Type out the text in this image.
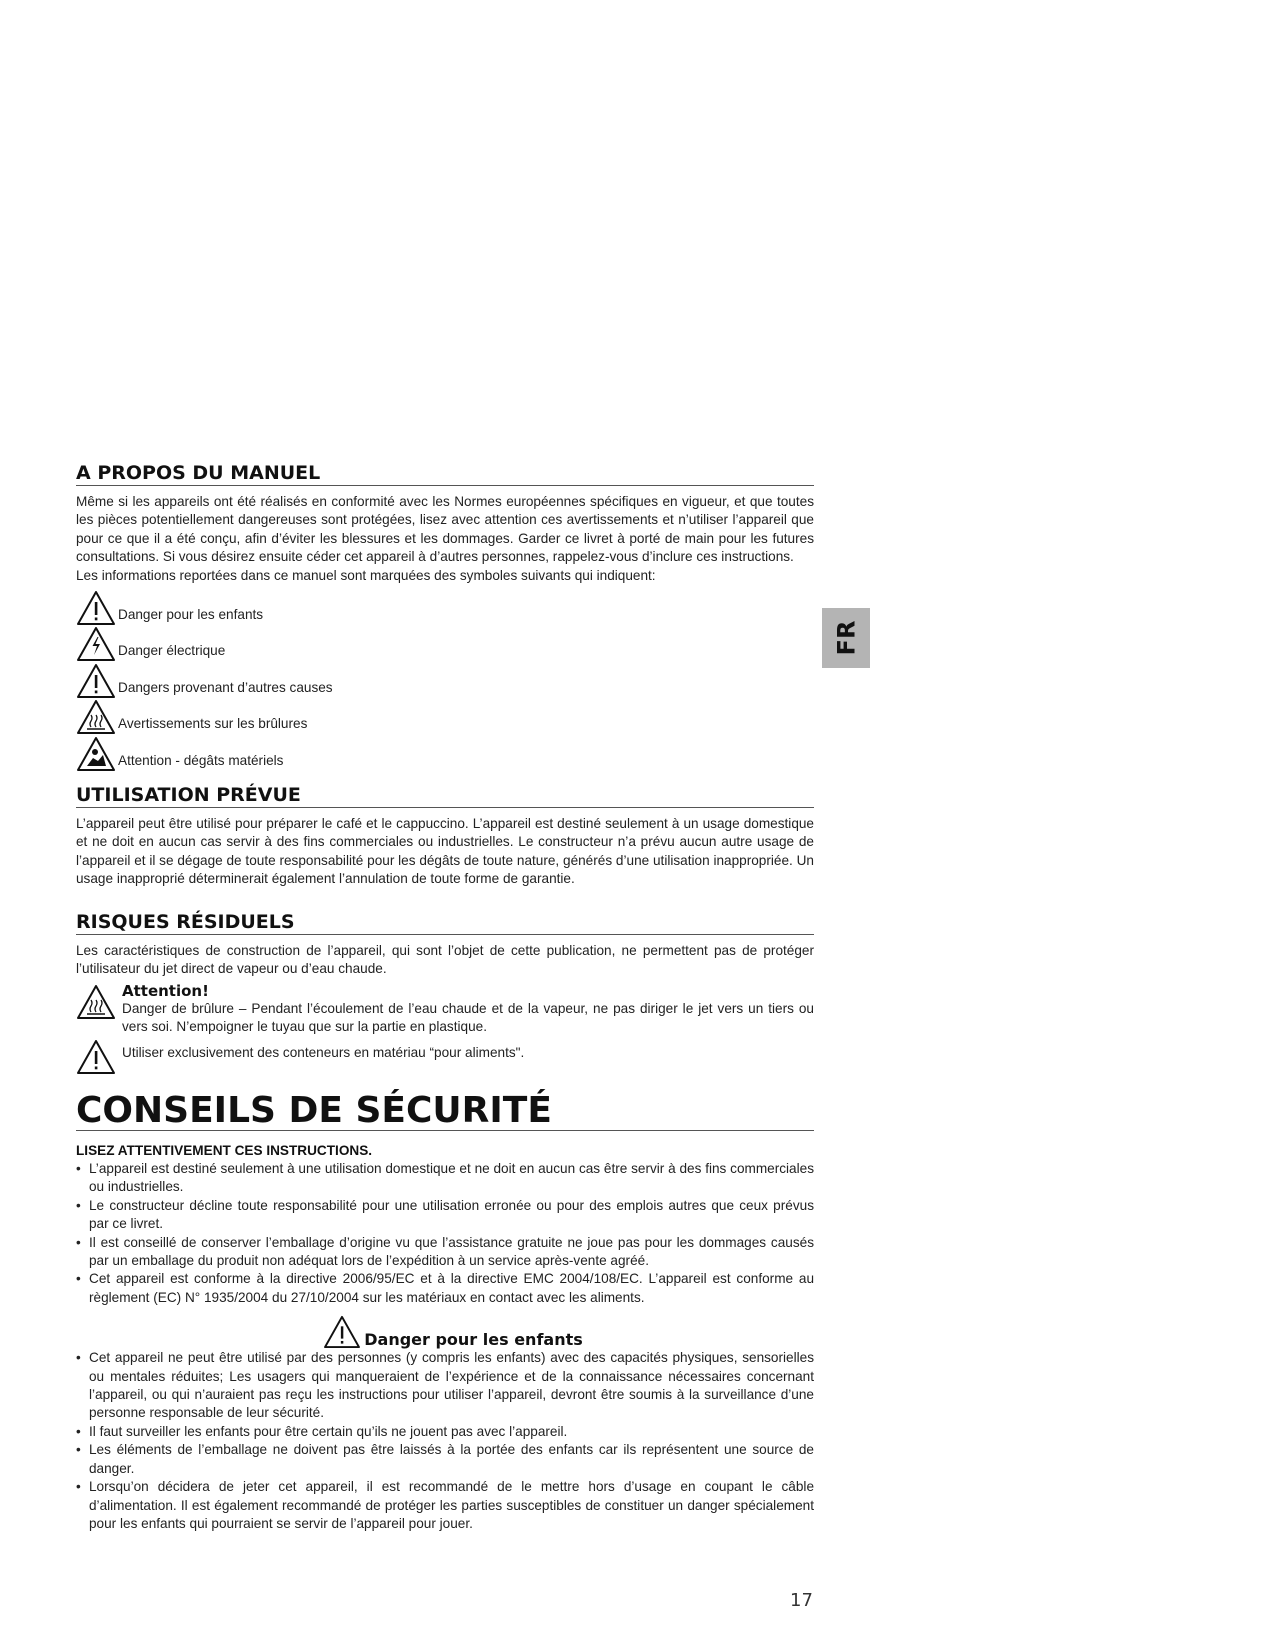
FR
A PROPOS DU MANUEL

Même si les appareils ont été réalisés en conformité avec les Normes européennes spécifiques en vigueur, et que toutes les pièces potentiellement dangereuses sont protégées, lisez avec attention ces avertissements et n’utiliser l’appareil que pour ce que il a été conçu, afin d’éviter les blessures et les dommages. Garder ce livret à porté de main pour les futures consultations. Si vous désirez ensuite céder cet appareil à d’autres personnes, rappelez-vous d’inclure ces instructions.

Les informations reportées dans ce manuel sont marquées des symboles suivants qui indiquent:

Danger pour les enfants
Danger électrique
Dangers provenant d’autres causes
Avertissements sur les brûlures
Attention - dégâts matériels
UTILISATION PRÉVUE

L’appareil peut être utilisé pour préparer le café et le cappuccino. L’appareil est destiné seulement à un usage domestique et ne doit en aucun cas servir à des fins commerciales ou industrielles. Le constructeur n’a prévu aucun autre usage de l’appareil et il se dégage de toute responsabilité pour les dégâts de toute nature, générés d’une utilisation inappropriée. Un usage inapproprié déterminerait également l’annulation de toute forme de garantie.

RISQUES RÉSIDUELS

Les caractéristiques de construction de l’appareil, qui sont l’objet de cette publication, ne permettent pas de protéger l’utilisateur du jet direct de vapeur ou d’eau chaude.

Attention!

Danger de brûlure – Pendant l’écoulement de l’eau chaude et de la vapeur, ne pas diriger le jet vers un tiers ou vers soi. N’empoigner le tuyau que sur la partie en plastique.

Utiliser exclusivement des conteneurs en matériau “pour aliments".

CONSEILS DE SÉCURITÉ
LISEZ ATTENTIVEMENT CES INSTRUCTIONS.
• L’appareil est destiné seulement à une utilisation domestique et ne doit en aucun cas être servir à des fins commerciales ou industrielles.
• Le constructeur décline toute responsabilité pour une utilisation erronée ou pour des emplois autres que ceux prévus par ce livret.
• Il est conseillé de conserver l’emballage d’origine vu que l’assistance gratuite ne joue pas pour les dommages causés par un emballage du produit non adéquat lors de l’expédition à un service après-vente agréé.
• Cet appareil est conforme à la directive 2006/95/EC et à la directive EMC 2004/108/EC. L’appareil est conforme au règlement (EC) N° 1935/2004 du 27/10/2004 sur les matériaux en contact avec les aliments.
Danger pour les enfants
• Cet appareil ne peut être utilisé par des personnes (y compris les enfants) avec des capacités physiques, sensorielles ou mentales réduites; Les usagers qui manqueraient de l’expérience et de la connaissance nécessaires concernant l’appareil, ou qui n’auraient pas reçu les instructions pour utiliser l’appareil, devront être soumis à la surveillance d’une personne responsable de leur sécurité.
• Il faut surveiller les enfants pour être certain qu’ils ne jouent pas avec l’appareil.
• Les éléments de l’emballage ne doivent pas être laissés à la portée des enfants car ils représentent une source de danger.
• Lorsqu’on décidera de jeter cet appareil, il est recommandé de le mettre hors d’usage en coupant le câble d’alimentation. Il est également recommandé de protéger les parties susceptibles de constituer un danger spécialement pour les enfants qui pourraient se servir de l’appareil pour jouer.
17
